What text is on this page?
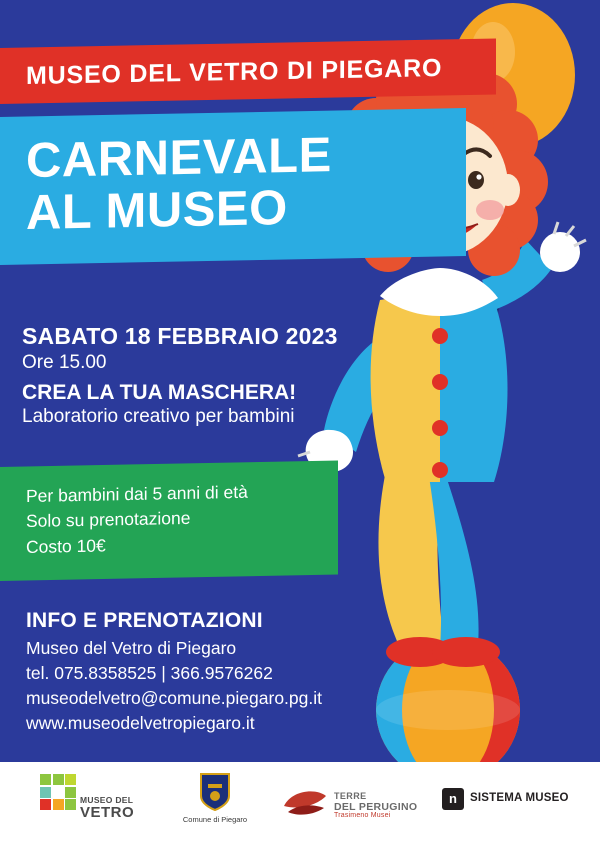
MUSEO DEL VETRO DI PIEGARO
CARNEVALE
AL MUSEO
SABATO 18 FEBBRAIO 2023
Ore 15.00
CREA LA TUA MASCHERA!
Laboratorio creativo per bambini
Per bambini dai 5 anni di età
Solo su prenotazione
Costo 10€
INFO E PRENOTAZIONI
Museo del Vetro di Piegaro
tel. 075.8358525 | 366.9576262
museodelvetro@comune.piegaro.pg.it
www.museodelvetropiegaro.it
MUSEO DEL
VETRO	Comune di Piegaro
TERRE
DEL PERUGINO
Trasimeno Musei
n	SISTEMA MUSEO
